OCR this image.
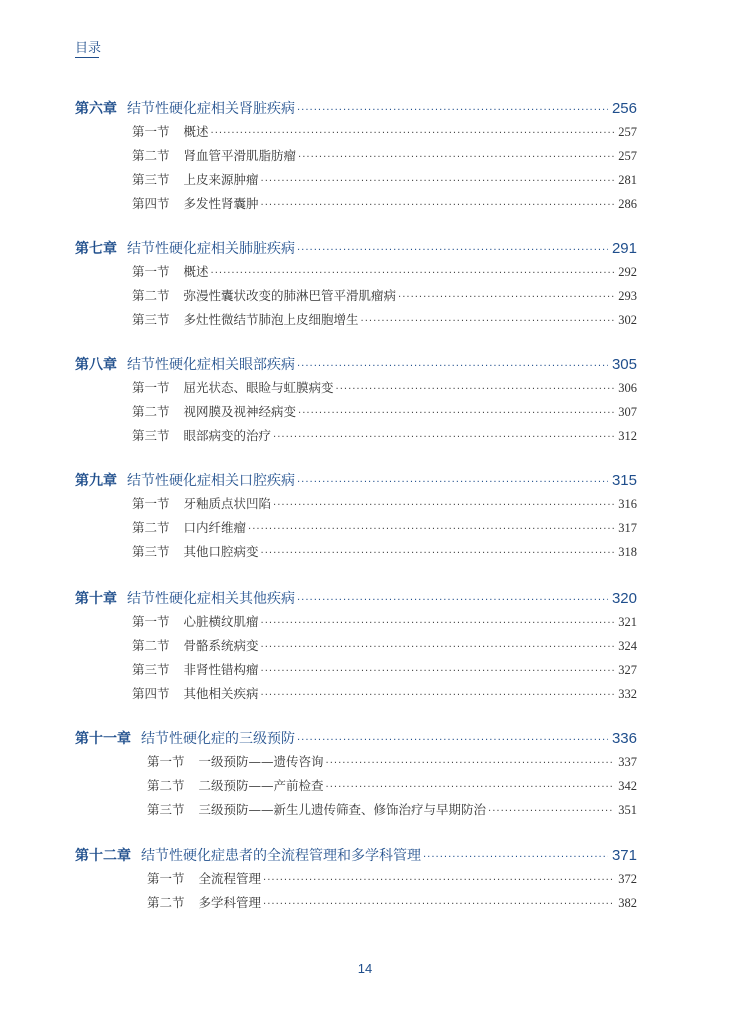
目录
第六章 结节性硬化症相关肾脏疾病 ·····	256
第一节 概述 ·····	257
第二节 肾血管平滑肌脂肪瘤 ·····	257
第三节 上皮来源肿瘤 ·····	281
第四节 多发性肾囊肿 ·····	286
第七章 结节性硬化症相关肺脏疾病 ·····	291
第一节 概述 ·····	292
第二节 弥漫性囊状改变的肺淋巴管平滑肌瘤病 ·····	293
第三节 多灶性微结节肺泡上皮细胞增生 ·····	302
第八章 结节性硬化症相关眼部疾病 ·····	305
第一节 屈光状态、眼睑与虹膜病变 ·····	306
第二节 视网膜及视神经病变 ·····	307
第三节 眼部病变的治疗 ·····	312
第九章 结节性硬化症相关口腔疾病 ·····	315
第一节 牙釉质点状凹陷 ·····	316
第二节 口内纤维瘤 ·····	317
第三节 其他口腔病变 ·····	318
第十章 结节性硬化症相关其他疾病 ·····	320
第一节 心脏横纹肌瘤 ·····	321
第二节 骨骼系统病变 ·····	324
第三节 非肾性错构瘤 ·····	327
第四节 其他相关疾病 ·····	332
第十一章 结节性硬化症的三级预防 ·····	336
第一节 一级预防——遗传咨询 ·····	337
第二节 二级预防——产前检查 ·····	342
第三节 三级预防——新生儿遗传筛查、修饰治疗与早期防治 ·····	351
第十二章 结节性硬化症患者的全流程管理和多学科管理 ·····	371
第一节 全流程管理 ·····	372
第二节 多学科管理 ·····	382
14
